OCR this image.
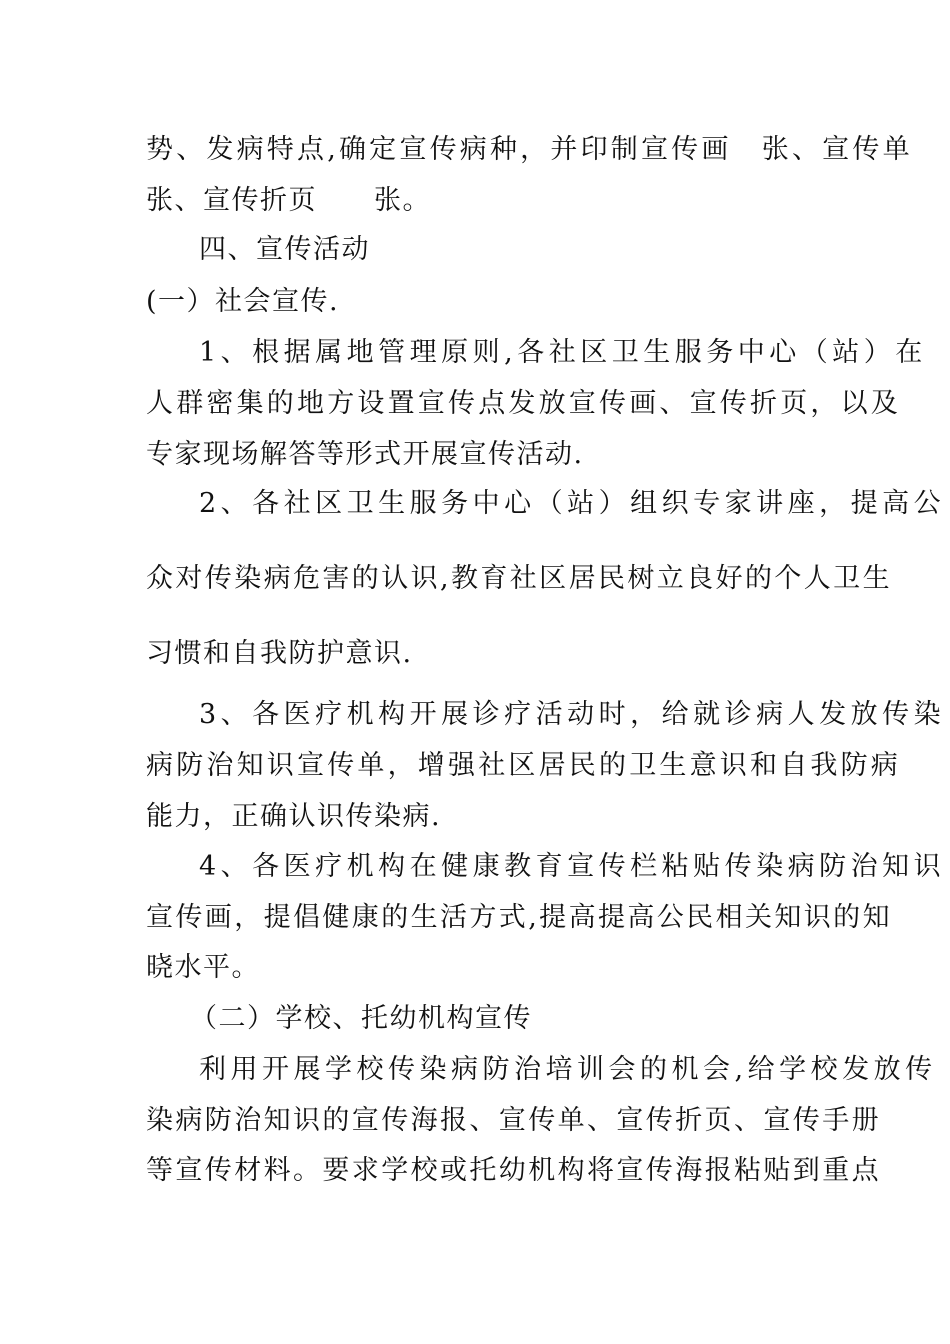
势、发病特点,确定宣传病种，并印制宣传画　张、宣传单
张、宣传折页　　张。
四、宣传活动
(一）社会宣传.
1、根据属地管理原则,各社区卫生服务中心（站）在
人群密集的地方设置宣传点发放宣传画、宣传折页，以及
专家现场解答等形式开展宣传活动.
2、各社区卫生服务中心（站）组织专家讲座，提高公
众对传染病危害的认识,教育社区居民树立良好的个人卫生
习惯和自我防护意识.
3、各医疗机构开展诊疗活动时，给就诊病人发放传染
病防治知识宣传单，增强社区居民的卫生意识和自我防病
能力，正确认识传染病.
4、各医疗机构在健康教育宣传栏粘贴传染病防治知识
宣传画，提倡健康的生活方式,提高提高公民相关知识的知
晓水平。
（二）学校、托幼机构宣传
利用开展学校传染病防治培训会的机会,给学校发放传
染病防治知识的宣传海报、宣传单、宣传折页、宣传手册
等宣传材料。要求学校或托幼机构将宣传海报粘贴到重点
